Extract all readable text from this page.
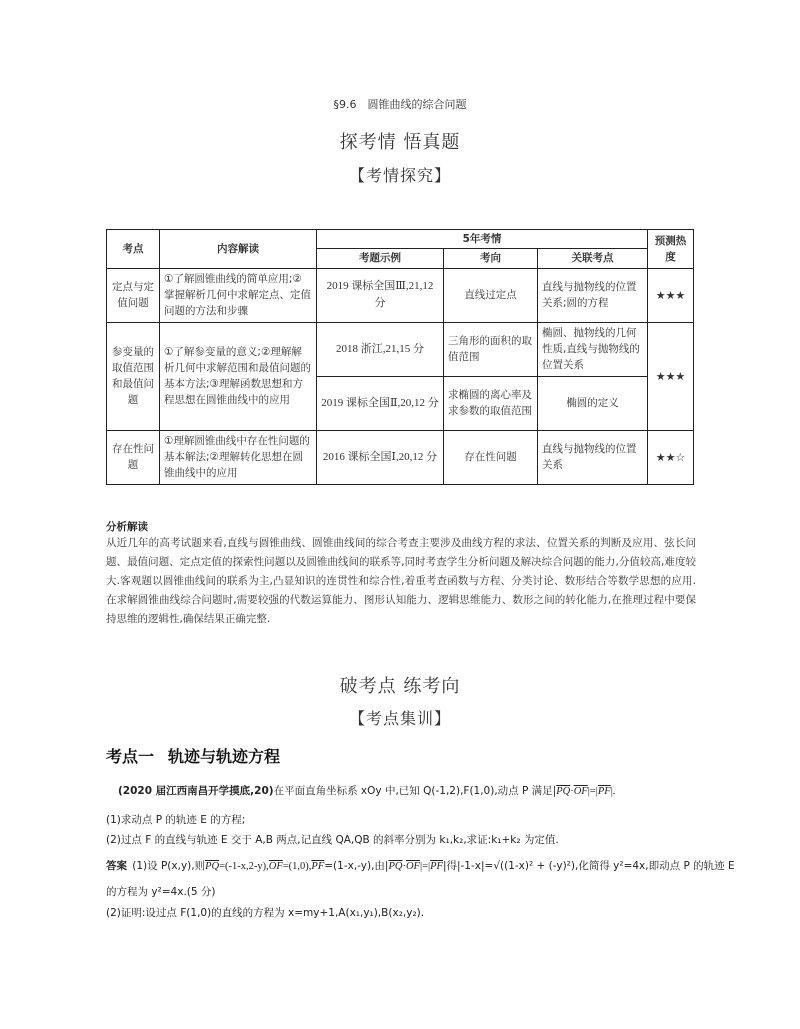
§9.6　圆锥曲线的综合问题
探考情 悟真题
【考情探究】
考点	内容解读	5年考情			预测热度
		考题示例	考向	关联考点	
定点与定值问题	①了解圆锥曲线的简单应用;②掌握解析几何中求解定点、定值问题的方法和步骤	2019 课标全国Ⅲ,21,12 分	直线过定点	直线与抛物线的位置关系;圆的方程	★★★
参变量的取值范围和最值问题	①了解参变量的意义;②理解解析几何中求解范围和最值问题的基本方法;③理解函数思想和方程思想在圆锥曲线中的应用	2018 浙江,21,15 分	三角形的面积的取值范围	椭圆、抛物线的几何性质,直线与抛物线的位置关系	★★★
		2019 课标全国Ⅱ,20,12 分	求椭圆的离心率及求参数的取值范围	椭圆的定义	
存在性问题	①理解圆锥曲线中存在性问题的基本解法;②理解转化思想在圆锥曲线中的应用	2016 课标全国Ⅰ,20,12 分	存在性问题	直线与抛物线的位置关系	★★☆
分析解读
从近几年的高考试题来看,直线与圆锥曲线、圆锥曲线间的综合考查主要涉及曲线方程的求法、位置关系的判断及应用、弦长问题、最值问题、定点定值的探索性问题以及圆锥曲线间的联系等,同时考查学生分析问题及解决综合问题的能力,分值较高,难度较大.客观题以圆锥曲线间的联系为主,凸显知识的连贯性和综合性,着重考查函数与方程、分类讨论、数形结合等数学思想的应用.在求解圆锥曲线综合问题时,需要较强的代数运算能力、图形认知能力、逻辑思维能力、数形之间的转化能力,在推理过程中要保持思维的逻辑性,确保结果正确完整.
破考点 练考向
【考点集训】
考点一 轨迹与轨迹方程
(2020 届江西南昌开学摸底,20)在平面直角坐标系 xOy 中,已知 Q(-1,2),F(1,0),动点 P 满足$|\overline{PQ}\cdot\overline{OF}|=|\overline{PF}|$.
(1)求动点 P 的轨迹 E 的方程;
(2)过点 F 的直线与轨迹 E 交于 A,B 两点,记直线 QA,QB 的斜率分别为 k₁,k₂,求证:k₁+k₂ 为定值.
答案 (1)设 P(x,y),则$\overline{PQ}=(-1-x,2-y),\overline{OF}=(1,0),\overline{PF}=(1-x,-y)$,由$|\overline{PQ}\cdot\overline{OF}|=|\overline{PF}|$得|-1-x|=√((1-x)² + (-y)²),化简得 y²=4x,即动点 P 的轨迹 E
的方程为 y²=4x.(5 分)
(2)证明:设过点 F(1,0)的直线的方程为 x=my+1,A(x₁,y₁),B(x₂,y₂).
